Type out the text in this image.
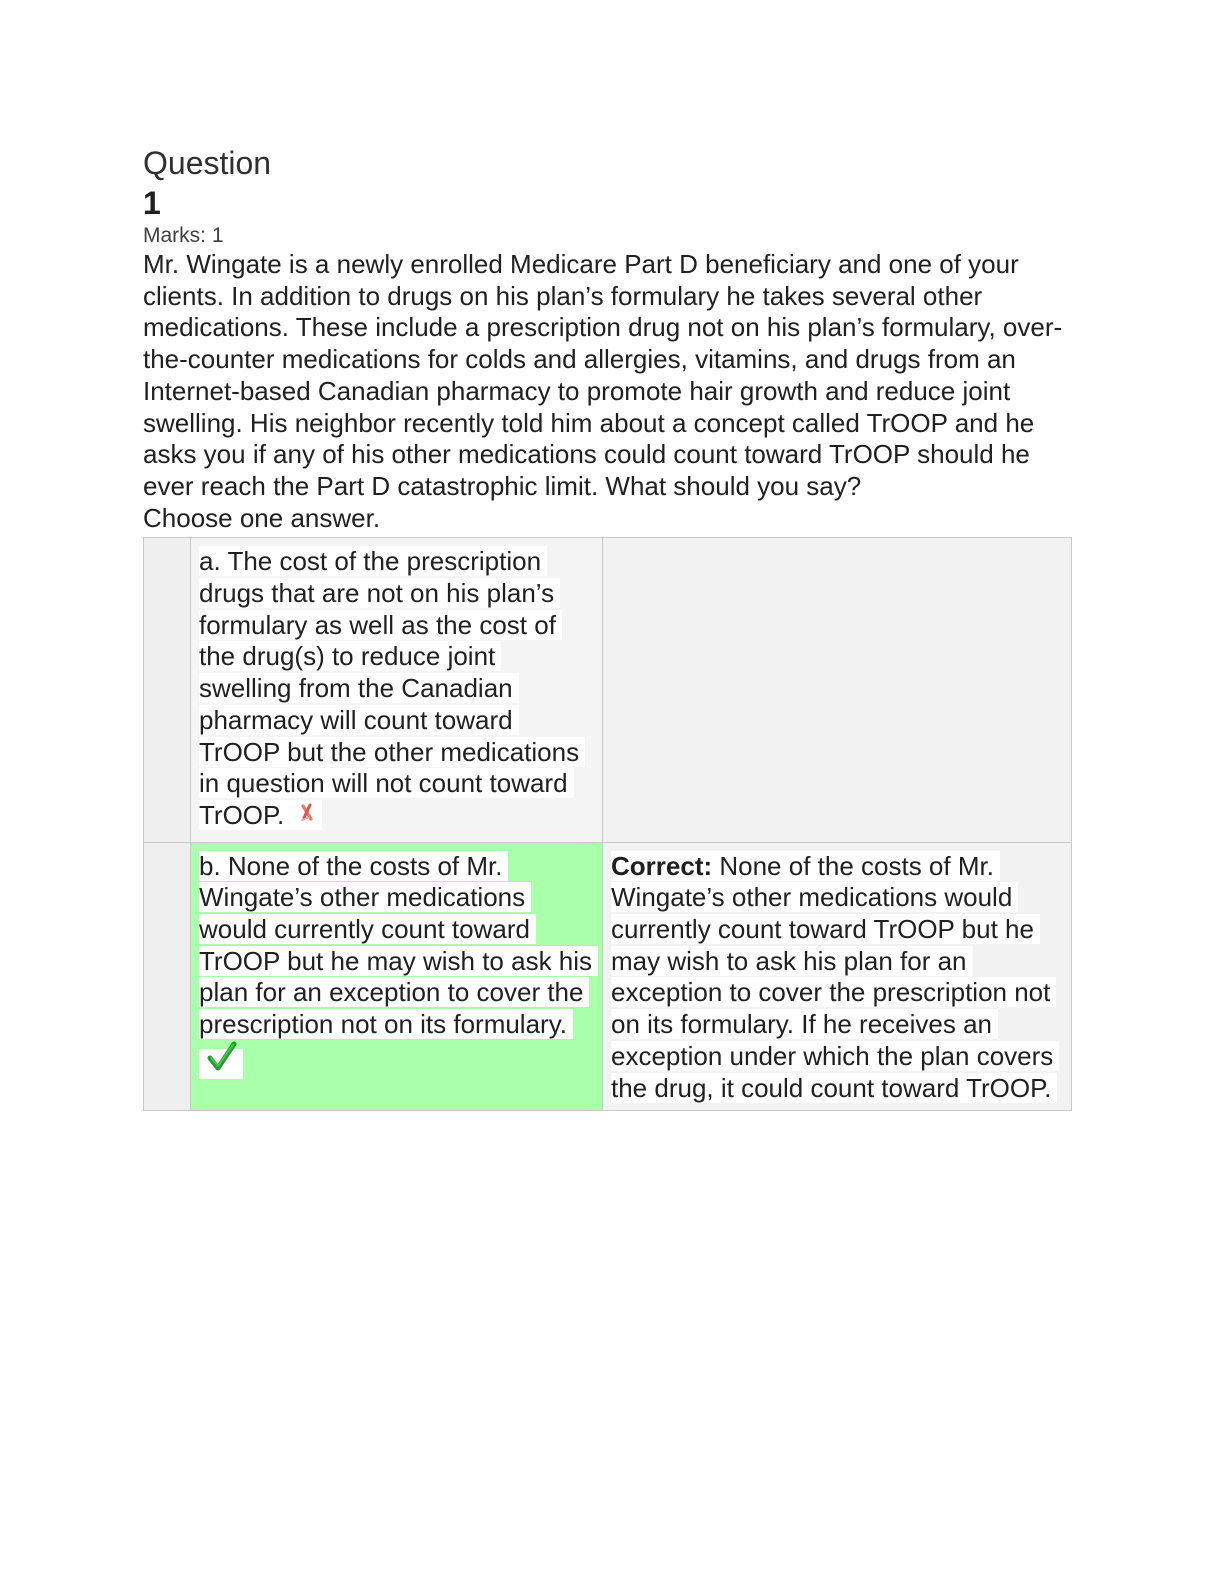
Question
1
Marks: 1
Mr. Wingate is a newly enrolled Medicare Part D beneficiary and one of your clients. In addition to drugs on his plan’s formulary he takes several other medications. These include a prescription drug not on his plan’s formulary, over-the-counter medications for colds and allergies, vitamins, and drugs from an Internet-based Canadian pharmacy to promote hair growth and reduce joint swelling. His neighbor recently told him about a concept called TrOOP and he asks you if any of his other medications could count toward TrOOP should he ever reach the Part D catastrophic limit. What should you say?
Choose one answer.

	a. The cost of the prescription drugs that are not on his plan’s formulary as well as the cost of the drug(s) to reduce joint swelling from the Canadian pharmacy will count toward TrOOP but the other medications in question will not count toward TrOOP.	

	b. None of the costs of Mr. Wingate’s other medications would currently count toward TrOOP but he may wish to ask his plan for an exception to cover the prescription not on its formulary.	Correct: None of the costs of Mr. Wingate’s other medications would currently count toward TrOOP but he may wish to ask his plan for an exception to cover the prescription not on its formulary. If he receives an exception under which the plan covers the drug, it could count toward TrOOP.
